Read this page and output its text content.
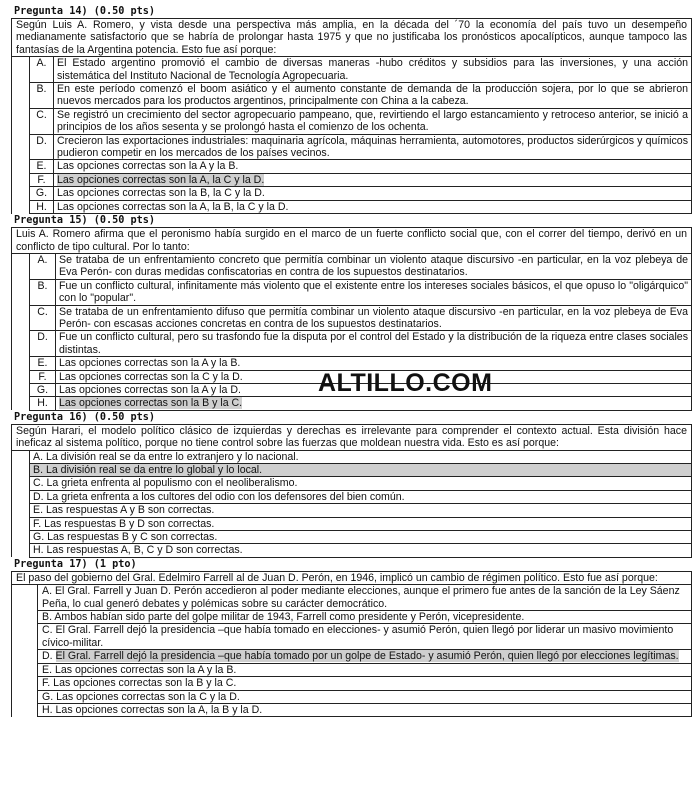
Pregunta 14) (0.50 pts)
Según Luis A. Romero, y vista desde una perspectiva más amplia, en la década del ´70 la economía del país tuvo un desempeño medianamente satisfactorio que se habría de prolongar hasta 1975 y que no justificaba los pronósticos apocalípticos, aunque tampoco las fantasías de la Argentina potencia. Esto fue así porque:
	A.	El Estado argentino promovió el cambio de diversas maneras -hubo créditos y subsidios para las inversiones, y una acción sistemática del Instituto Nacional de Tecnología Agropecuaria.
	B.	En este período comenzó el boom asiático y el aumento constante de demanda de la producción sojera, por lo que se abrieron nuevos mercados para los productos argentinos, principalmente con China a la cabeza.
	C.	Se registró un crecimiento del sector agropecuario pampeano, que, revirtiendo el largo estancamiento y retroceso anterior, se inició a principios de los años sesenta y se prolongó hasta el comienzo de los ochenta.
	D.	Crecieron las exportaciones industriales: maquinaria agrícola, máquinas herramienta, automotores, productos siderúrgicos y químicos pudieron competir en los mercados de los países vecinos.
	E.	Las opciones correctas son la A y la B.
	F.	Las opciones correctas son la A, la C y la D.
	G.	Las opciones correctas son la B, la C y la D.
	H.	Las opciones correctas son la A, la B, la C y la D.
Pregunta 15) (0.50 pts)
Luis A. Romero afirma que el peronismo había surgido en el marco de un fuerte conflicto social que, con el correr del tiempo, derivó en un conflicto de tipo cultural. Por lo tanto:
	A.	Se trataba de un enfrentamiento concreto que permitía combinar un violento ataque discursivo -en particular, en la voz plebeya de Eva Perón- con duras medidas confiscatorias en contra de los supuestos destinatarios.
	B.	Fue un conflicto cultural, infinitamente más violento que el existente entre los intereses sociales básicos, el que opuso lo "oligárquico" con lo "popular".
	C.	Se trataba de un enfrentamiento difuso que permitía combinar un violento ataque discursivo -en particular, en la voz plebeya de Eva Perón- con escasas acciones concretas en contra de los supuestos destinatarios.
	D.	Fue un conflicto cultural, pero su trasfondo fue la disputa por el control del Estado y la distribución de la riqueza entre clases sociales distintas.
	E.	Las opciones correctas son la A y la B.
	F.	Las opciones correctas son la C y la D.
	G.	Las opciones correctas son la A y la D.
	H.	Las opciones correctas son la B y la C.
Pregunta 16) (0.50 pts)
Según Harari, el modelo político clásico de izquierdas y derechas es irrelevante para comprender el contexto actual. Esta división hace ineficaz al sistema político, porque no tiene control sobre las fuerzas que moldean nuestra vida. Esto es así porque:
	A. La división real se da entre lo extranjero y lo nacional.
	B. La división real se da entre lo global y lo local.
	C. La grieta enfrenta al populismo con el neoliberalismo.
	D. La grieta enfrenta a los cultores del odio con los defensores del bien común.
	E. Las respuestas A y B son correctas.
	F. Las respuestas B y D son correctas.
	G. Las respuestas B y C son correctas.
	H. Las respuestas A, B, C y D son correctas.
Pregunta 17) (1 pto)
El paso del gobierno del Gral. Edelmiro Farrell al de Juan D. Perón, en 1946, implicó un cambio de régimen político. Esto fue así porque:
	A. El Gral. Farrell y Juan D. Perón accedieron al poder mediante elecciones, aunque el primero fue antes de la sanción de la Ley Sáenz Peña, lo cual generó debates y polémicas sobre su carácter democrático.
	B. Ambos habían sido parte del golpe militar de 1943, Farrell como presidente y Perón, vicepresidente.
	C. El Gral. Farrell dejó la presidencia –que había tomado en elecciones- y asumió Perón, quien llegó por liderar un masivo movimiento cívico-militar.
	D. El Gral. Farrell dejó la presidencia –que había tomado por un golpe de Estado- y asumió Perón, quien llegó por elecciones legítimas.
	E. Las opciones correctas son la A y la B.
	F. Las opciones correctas son la B y la C.
	G. Las opciones correctas son la C y la D.
	H. Las opciones correctas son la A, la B y la D.
ALTILLO.COM
